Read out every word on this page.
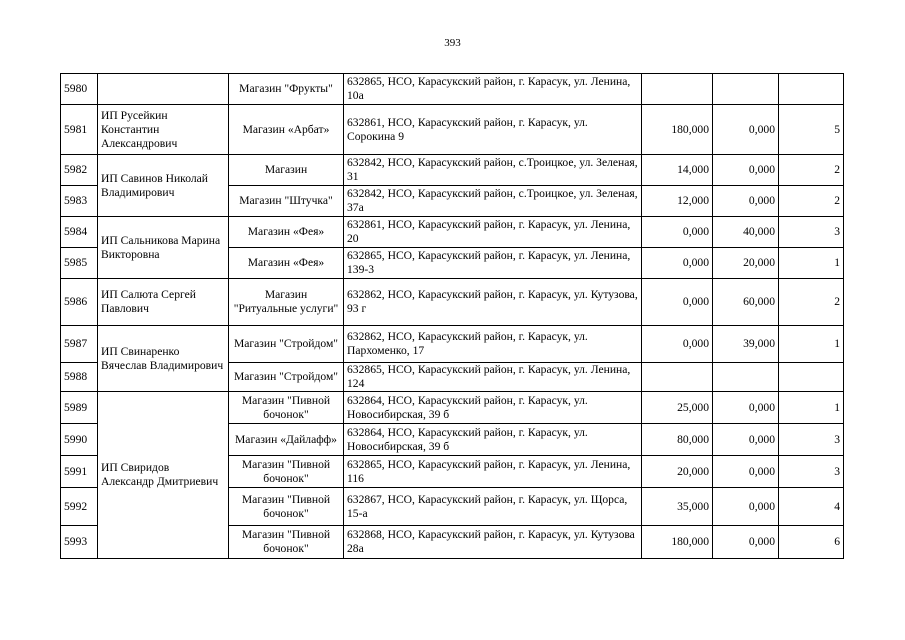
393
5980		Магазин "Фрукты"	632865, НСО, Карасукский район, г. Карасук, ул. Ленина, 10а			
5981	ИП Русейкин Константин Александрович	Магазин «Арбат»	632861, НСО, Карасукский район, г. Карасук, ул. Сорокина 9	180,000	0,000	5
5982	ИП Савинов Николай Владимирович	Магазин	632842, НСО, Карасукский район, с.Троицкое, ул. Зеленая, 31	14,000	0,000	2
5983		Магазин "Штучка"	632842, НСО, Карасукский район, с.Троицкое, ул. Зеленая, 37а	12,000	0,000	2
5984	ИП Сальникова Марина Викторовна	Магазин «Фея»	632861, НСО, Карасукский район, г. Карасук, ул. Ленина, 20	0,000	40,000	3
5985		Магазин «Фея»	632865, НСО, Карасукский район, г. Карасук, ул. Ленина, 139-3	0,000	20,000	1
5986	ИП Салюта Сергей Павлович	Магазин "Ритуальные услуги"	632862, НСО, Карасукский район, г. Карасук, ул. Кутузова, 93 г	0,000	60,000	2
5987	ИП Свинаренко Вячеслав Владимирович	Магазин "Стройдом"	632862, НСО, Карасукский район, г. Карасук, ул. Пархоменко, 17	0,000	39,000	1
5988		Магазин "Стройдом"	632865, НСО, Карасукский район, г. Карасук, ул. Ленина, 124			
5989	ИП Свиридов Александр Дмитриевич	Магазин "Пивной бочонок"	632864, НСО, Карасукский район, г. Карасук, ул. Новосибирская, 39 б	25,000	0,000	1
5990		Магазин «Дайлафф»	632864, НСО, Карасукский район, г. Карасук, ул. Новосибирская, 39 б	80,000	0,000	3
5991		Магазин "Пивной бочонок"	632865, НСО, Карасукский район, г. Карасук, ул. Ленина, 116	20,000	0,000	3
5992		Магазин "Пивной бочонок"	632867, НСО, Карасукский район, г. Карасук, ул. Щорса, 15-а	35,000	0,000	4
5993		Магазин "Пивной бочонок"	632868, НСО, Карасукский район, г. Карасук, ул. Кутузова 28а	180,000	0,000	6
